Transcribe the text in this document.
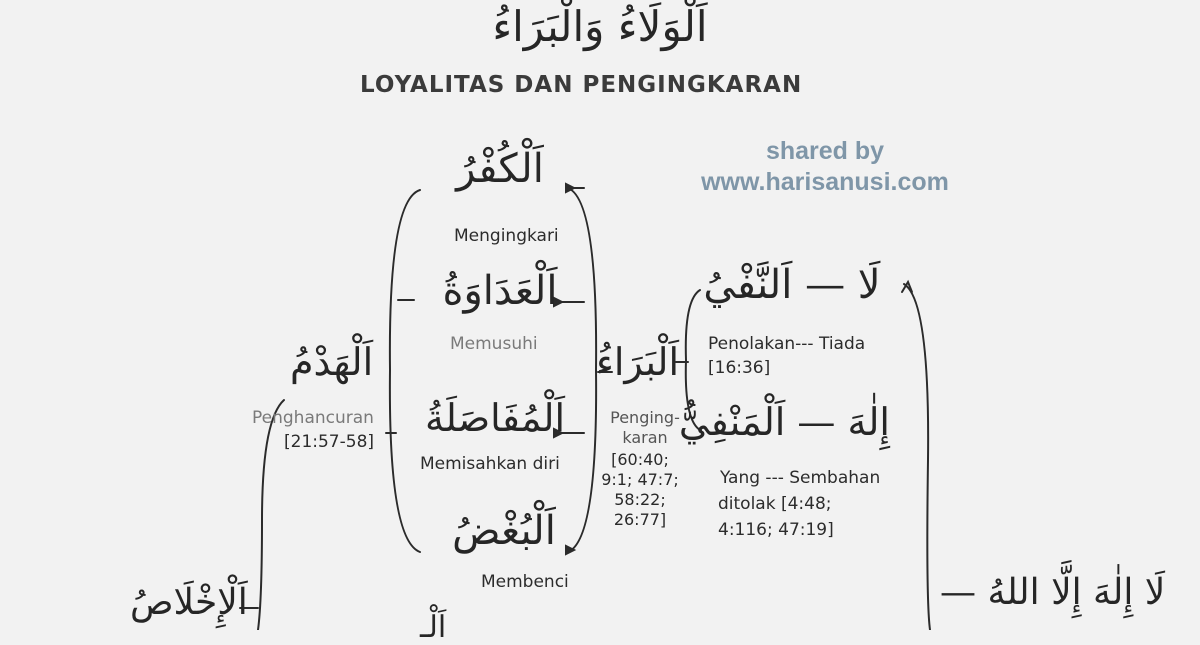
اَلْوَلَاءُ وَالْبَرَاءُ
LOYALITAS DAN PENGINGKARAN
shared by
www.harisanusi.com
اَلْهَدْمُ
Penghancuran
[21:57-58]
اَلْإِخْلَاصُ
اَلْكُفْرُ
Mengingkari
اَلْعَدَاوَةُ
Memusuhi
اَلْمُفَاصَلَةُ
Memisahkan diri
اَلْبُغْضُ
Membenci
اَلْبَرَاءُ
Penging-
karan
[60:40;
9:1; 47:7;
58:22;
26:77]
لَا — اَلنَّفْيُ
Penolakan--- Tiada
[16:36]
إِلٰهَ — اَلْمَنْفِيُّ
Yang --- Sembahan
ditolak [4:48;
4:116; 47:19]
لَا إِلٰهَ إِلَّا اللهُ —
اَلْـ
